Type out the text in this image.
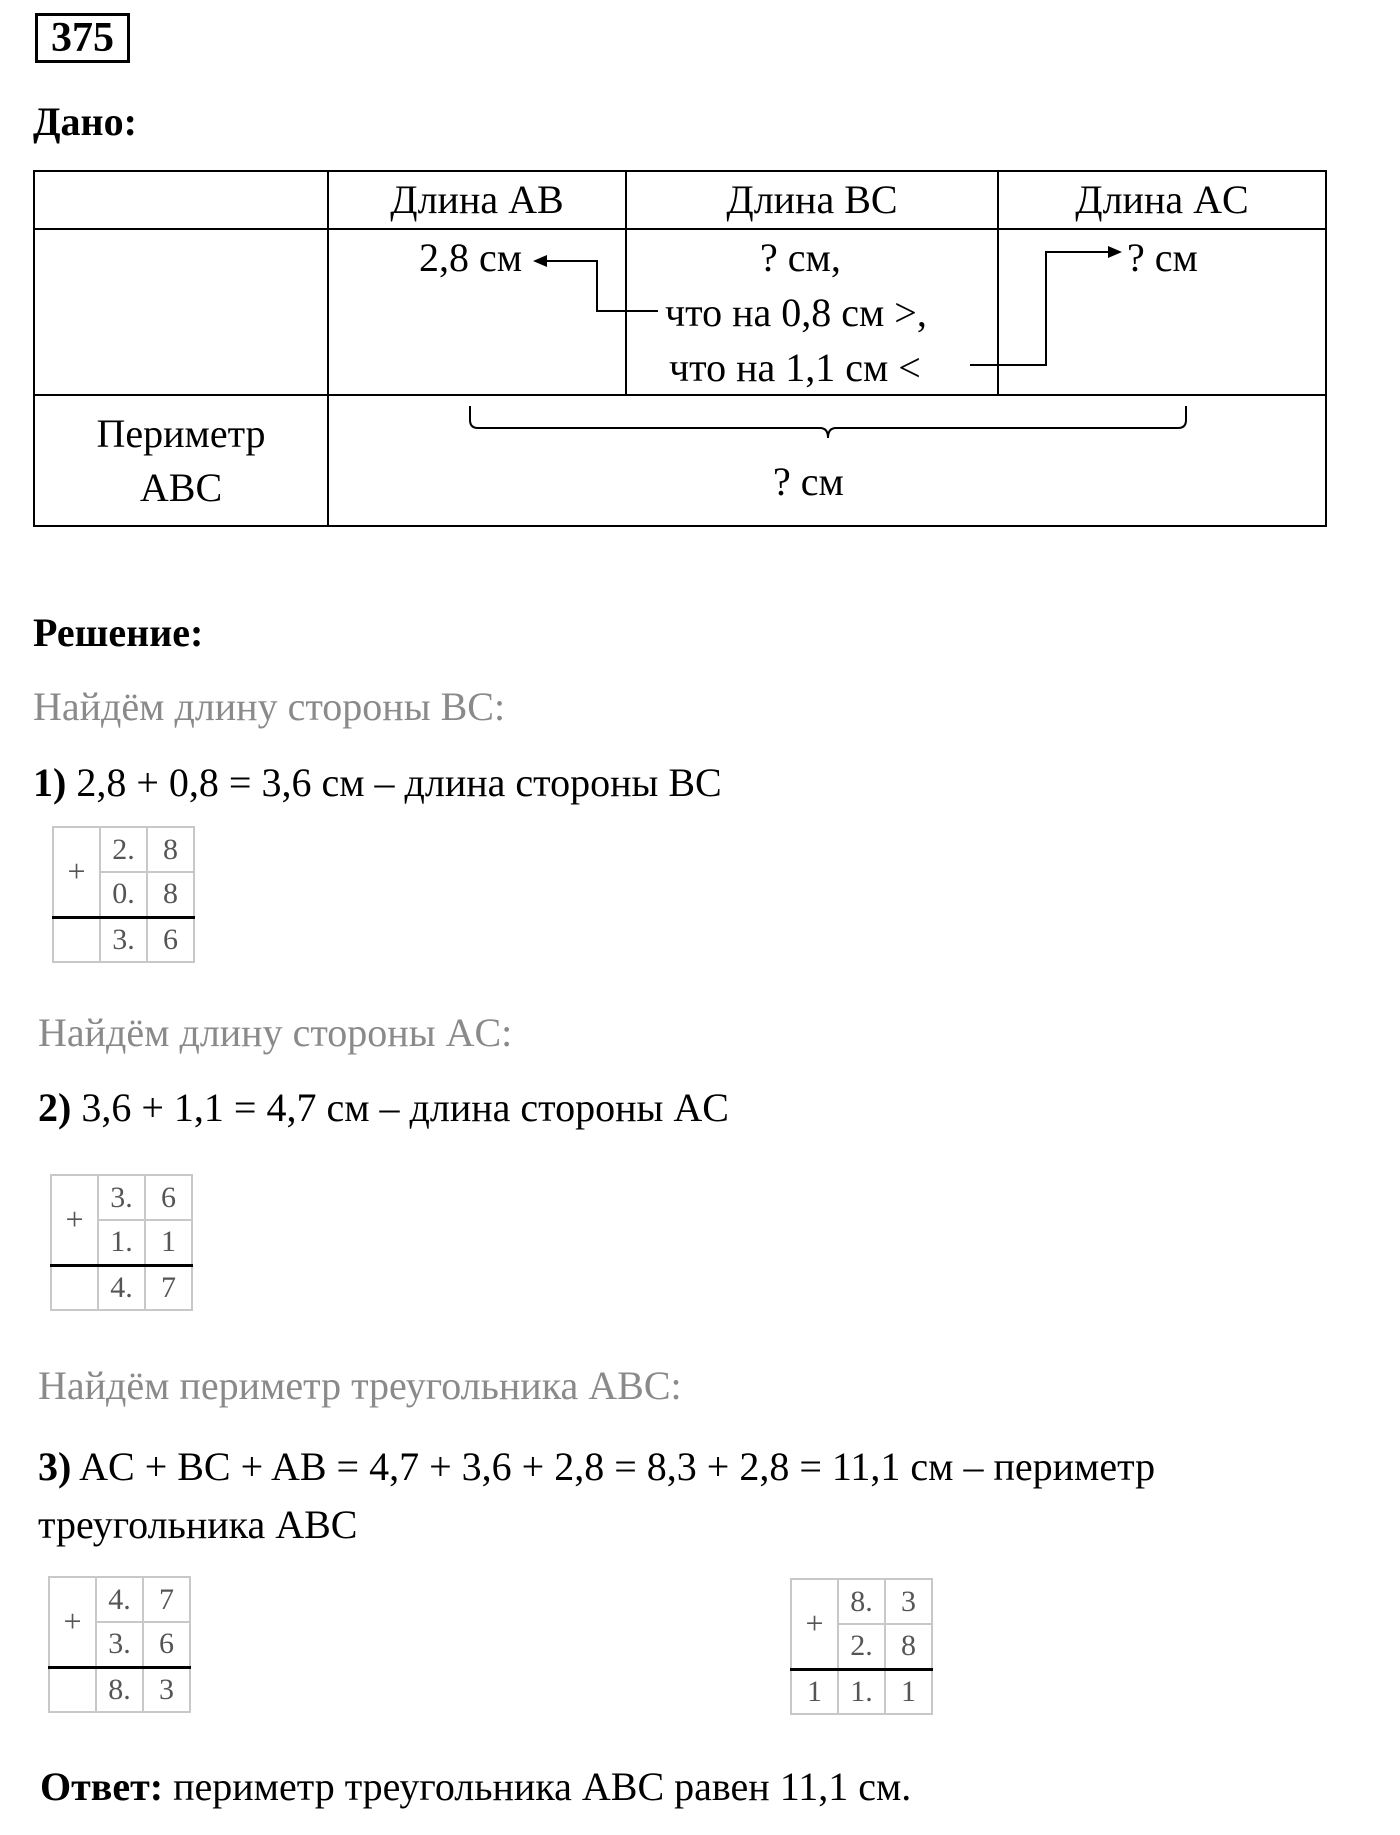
375
Дано:
	Длина AB	Длина BC	Длина AC

	2,8 см	? см,
что на 0,8 см >,
что на 1,1 см <	? см

Периметр
ABC	? см		
Решение:
Найдём длину стороны BC:
1) 2,8 + 0,8 = 3,6 см – длина стороны BC
+	2.	8
	0.	8
	3.	6
Найдём длину стороны AC:
2) 3,6 + 1,1 = 4,7 см – длина стороны AC
+	3.	6
	1.	1
	4.	7
Найдём периметр треугольника ABC:
3) AC + BC + AB = 4,7 + 3,6 + 2,8 = 8,3 + 2,8 = 11,1 см – периметр
треугольника ABC
+	4.	7
	3.	6
	8.	3
+	8.	3
	2.	8
1	1.	1
Ответ: периметр треугольника ABC равен 11,1 см.
